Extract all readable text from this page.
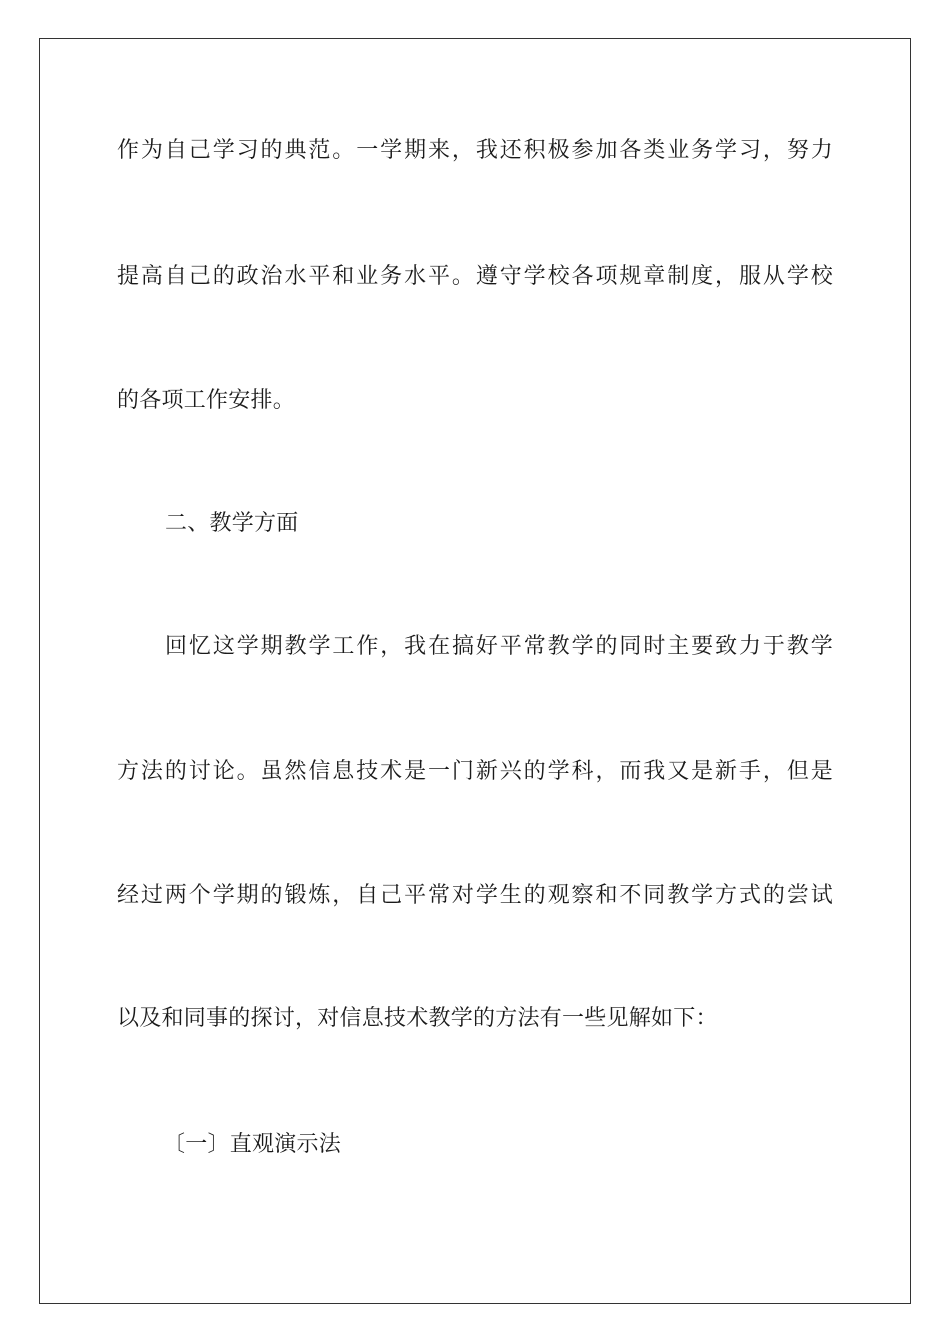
作为自己学习的典范。一学期来，我还积极参加各类业务学习，努力
提高自己的政治水平和业务水平。遵守学校各项规章制度，服从学校
的各项工作安排。
二、教学方面
回忆这学期教学工作，我在搞好平常教学的同时主要致力于教学
方法的讨论。虽然信息技术是一门新兴的学科，而我又是新手，但是
经过两个学期的锻炼，自己平常对学生的观察和不同教学方式的尝试
以及和同事的探讨，对信息技术教学的方法有一些见解如下：
〔一〕直观演示法
